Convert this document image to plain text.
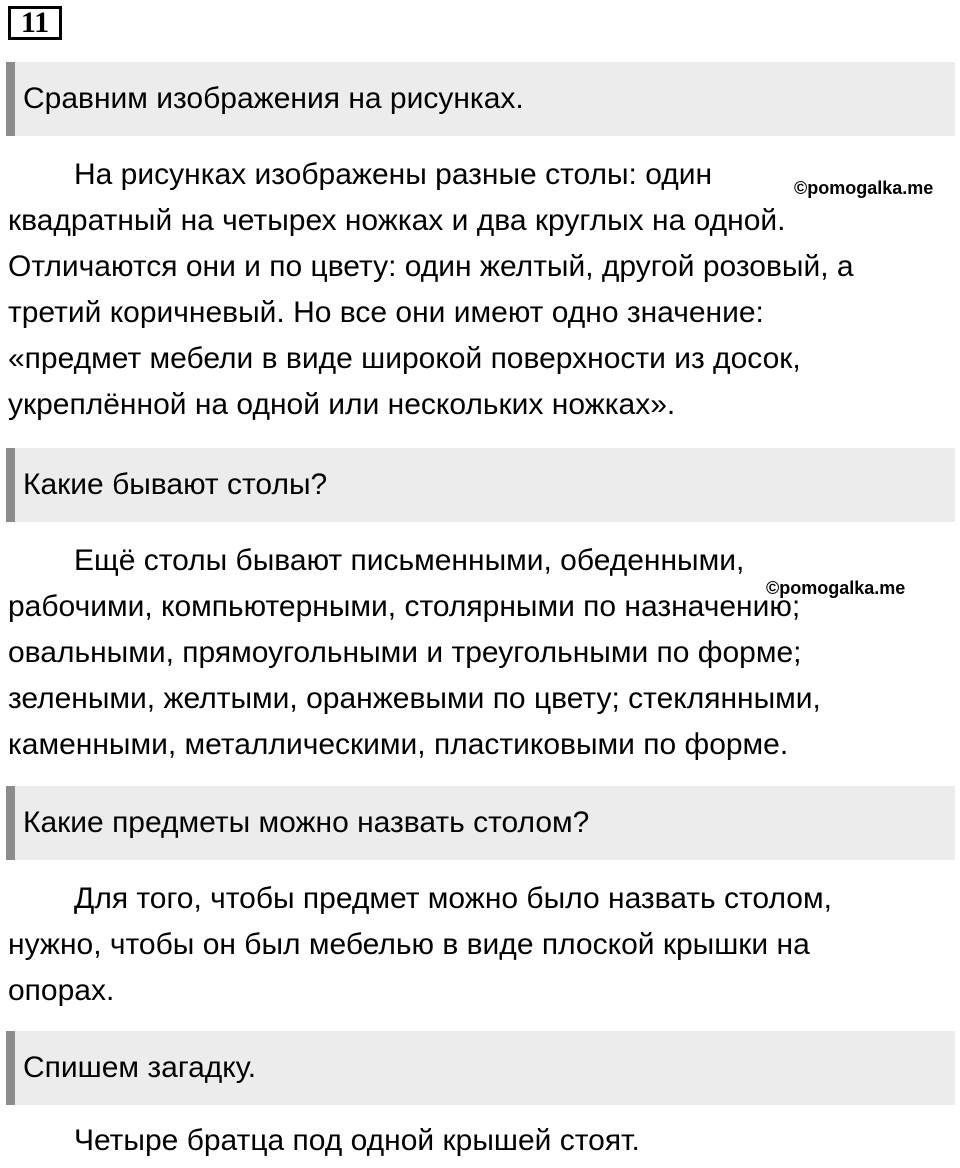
11
Сравним изображения на рисунках.
На рисунках изображены разные столы: один
квадратный на четырех ножках и два круглых на одной.
Отличаются они и по цвету: один желтый, другой розовый, а
третий коричневый. Но все они имеют одно значение:
«предмет мебели в виде широкой поверхности из досок,
укреплённой на одной или нескольких ножках».
©pomogalka.me
Какие бывают столы?
Ещё столы бывают письменными, обеденными,
рабочими, компьютерными, столярными по назначению;
овальными, прямоугольными и треугольными по форме;
зелеными, желтыми, оранжевыми по цвету; стеклянными,
каменными, металлическими, пластиковыми по форме.
©pomogalka.me
Какие предметы можно назвать столом?
Для того, чтобы предмет можно было назвать столом,
нужно, чтобы он был мебелью в виде плоской крышки на
опорах.
Спишем загадку.
Четыре братца под одной крышей стоят.
